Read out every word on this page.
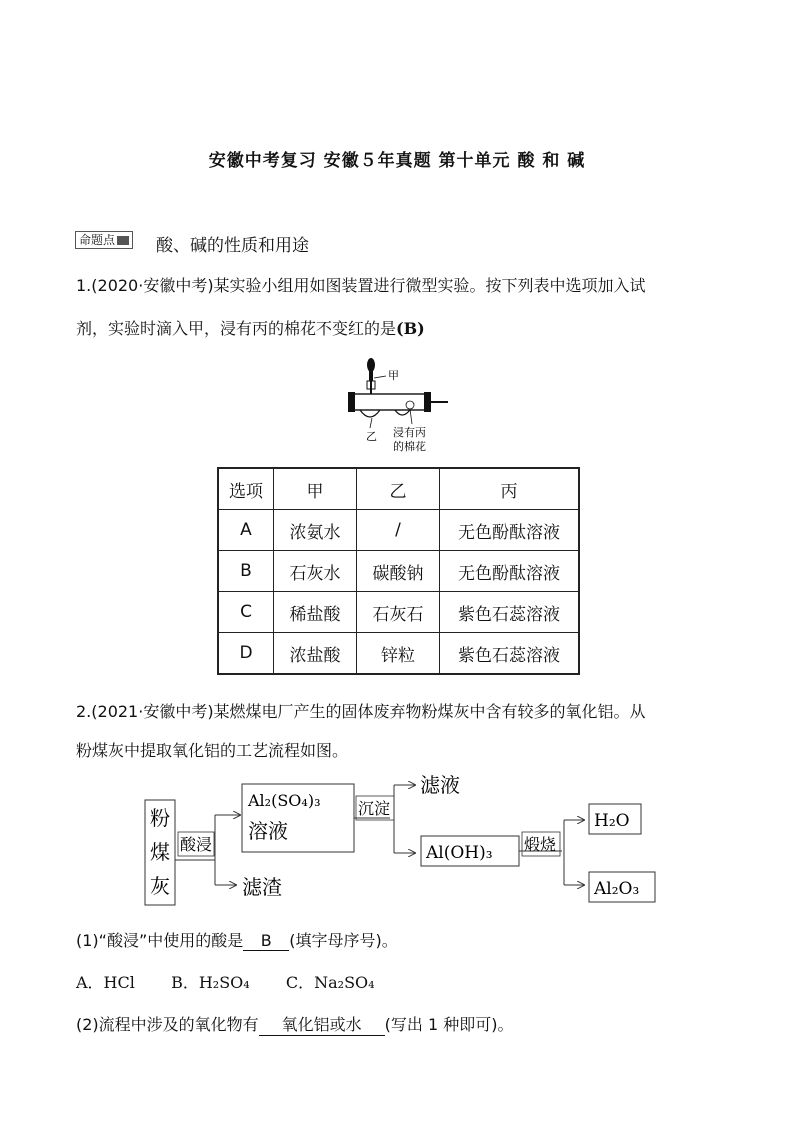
安徽中考复习 安徽５年真题 第十单元 酸 和 碱
命题点	酸、碱的性质和用途
1.(2020·安徽中考)某实验小组用如图装置进行微型实验。按下列表中选项加入试
剂，实验时滴入甲，浸有丙的棉花不变红的是(B)
甲
乙 浸有丙
的棉花
选项	甲	乙	丙
A	浓氨水	/	无色酚酞溶液
B	石灰水	碳酸钠	无色酚酞溶液
C	稀盐酸	石灰石	紫色石蕊溶液
D	浓盐酸	锌粒	紫色石蕊溶液
2.(2021·安徽中考)某燃煤电厂产生的固体废弃物粉煤灰中含有较多的氧化铝。从
粉煤灰中提取氧化铝的工艺流程如图。
粉
煤
灰
酸浸
Al₂(SO₄)₃
溶液
滤渣
沉淀
滤液
Al(OH)₃ 煅烧
H₂O
Al₂O₃
(1)“酸浸”中使用的酸是 B (填字母序号)。
A．HCl B．H₂SO₄ C．Na₂SO₄
(2)流程中涉及的氧化物有 氧化铝或水 (写出 1 种即可)。
